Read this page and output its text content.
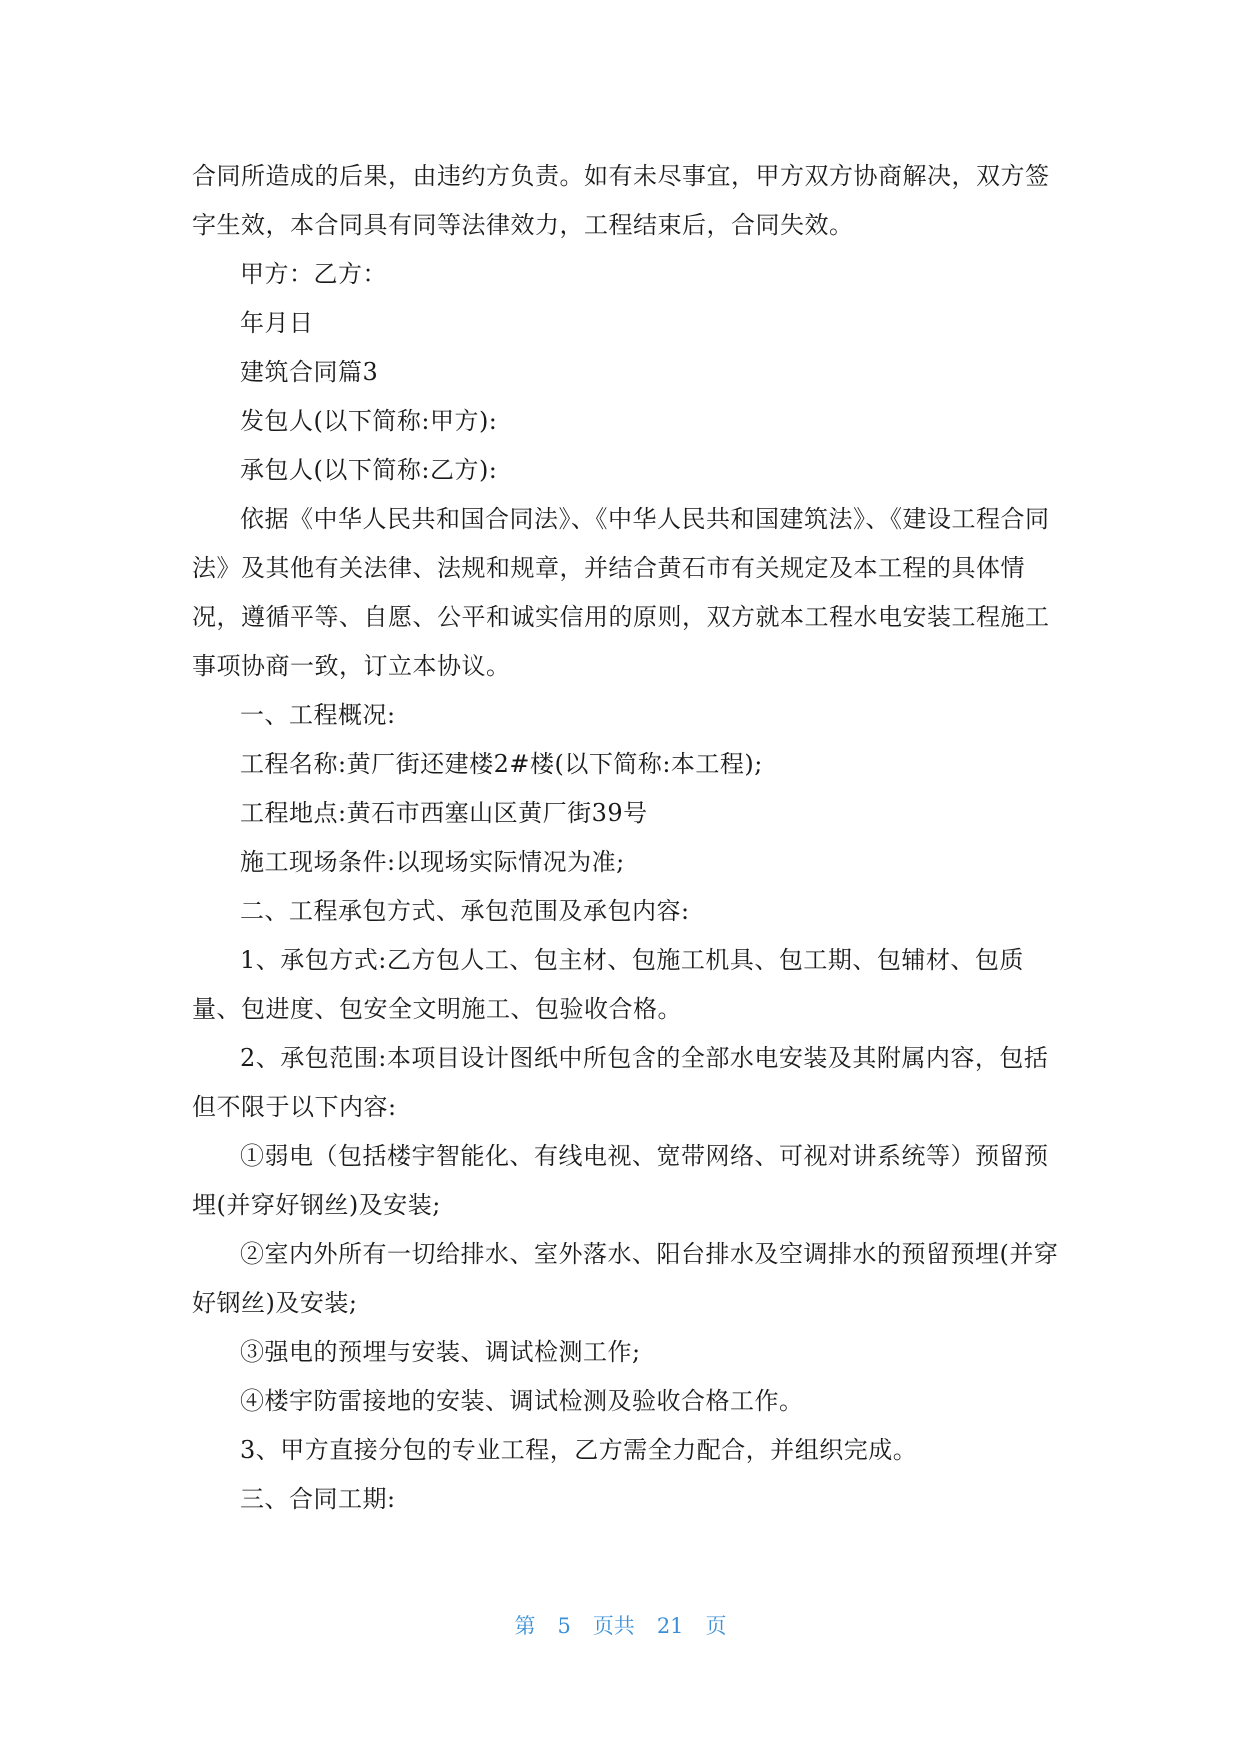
合同所造成的后果，由违约方负责。如有未尽事宜，甲方双方协商解决，双方签字生效，本合同具有同等法律效力，工程结束后，合同失效。

甲方：乙方：

年月日

建筑合同篇3

发包人(以下简称:甲方):

承包人(以下简称:乙方):

依据《中华人民共和国合同法》、《中华人民共和国建筑法》、《建设工程合同法》及其他有关法律、法规和规章，并结合黄石市有关规定及本工程的具体情况，遵循平等、自愿、公平和诚实信用的原则，双方就本工程水电安装工程施工事项协商一致，订立本协议。

一、工程概况:

工程名称:黄厂街还建楼2#楼(以下简称:本工程);

工程地点:黄石市西塞山区黄厂街39号

施工现场条件:以现场实际情况为准;

二、工程承包方式、承包范围及承包内容:

1、承包方式:乙方包人工、包主材、包施工机具、包工期、包辅材、包质量、包进度、包安全文明施工、包验收合格。

2、承包范围:本项目设计图纸中所包含的全部水电安装及其附属内容，包括但不限于以下内容:

①弱电（包括楼宇智能化、有线电视、宽带网络、可视对讲系统等）预留预埋(并穿好钢丝)及安装;

②室内外所有一切给排水、室外落水、阳台排水及空调排水的预留预埋(并穿好钢丝)及安装;

③强电的预埋与安装、调试检测工作;

④楼宇防雷接地的安装、调试检测及验收合格工作。

3、甲方直接分包的专业工程，乙方需全力配合，并组织完成。

三、合同工期:

第 5 页共 21 页
